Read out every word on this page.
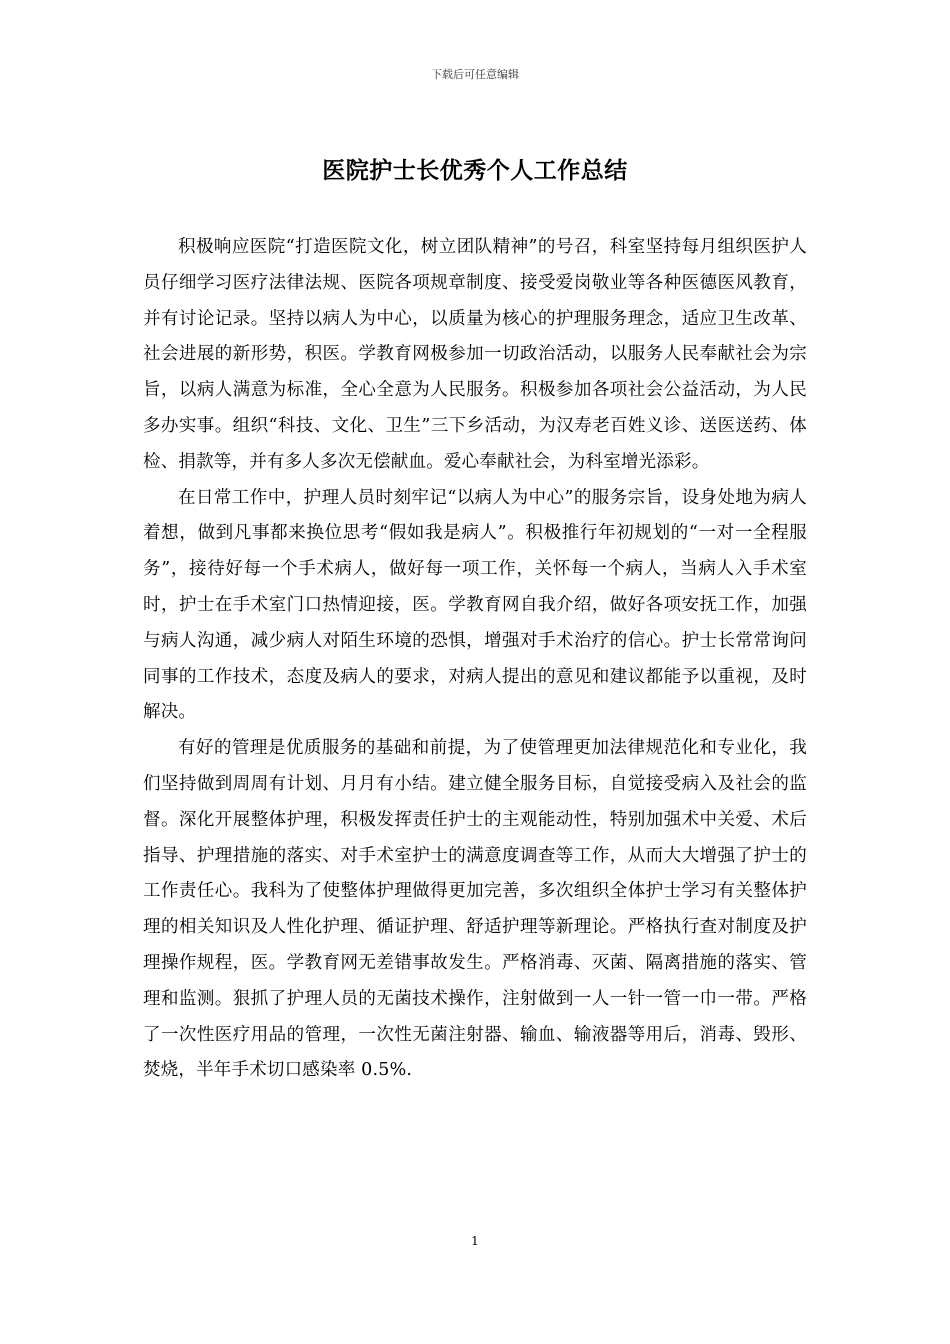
下载后可任意编辑
医院护士长优秀个人工作总结

积极响应医院“打造医院文化，树立团队精神”的号召，科室坚持每月组织医护人员仔细学习医疗法律法规、医院各项规章制度、接受爱岗敬业等各种医德医风教育，并有讨论记录。坚持以病人为中心，以质量为核心的护理服务理念，适应卫生改革、社会进展的新形势，积医。学教育网极参加一切政治活动，以服务人民奉献社会为宗旨，以病人满意为标准，全心全意为人民服务。积极参加各项社会公益活动，为人民多办实事。组织“科技、文化、卫生”三下乡活动，为汉寿老百姓义诊、送医送药、体检、捐款等，并有多人多次无偿献血。爱心奉献社会，为科室增光添彩。

在日常工作中，护理人员时刻牢记“以病人为中心”的服务宗旨，设身处地为病人着想，做到凡事都来换位思考“假如我是病人”。积极推行年初规划的“一对一全程服务”，接待好每一个手术病人，做好每一项工作，关怀每一个病人，当病人入手术室时，护士在手术室门口热情迎接，医。学教育网自我介绍，做好各项安抚工作，加强与病人沟通，减少病人对陌生环境的恐惧，增强对手术治疗的信心。护士长常常询问同事的工作技术，态度及病人的要求，对病人提出的意见和建议都能予以重视，及时解决。

有好的管理是优质服务的基础和前提，为了使管理更加法律规范化和专业化，我们坚持做到周周有计划、月月有小结。建立健全服务目标，自觉接受病入及社会的监督。深化开展整体护理，积极发挥责任护士的主观能动性，特别加强术中关爱、术后指导、护理措施的落实、对手术室护士的满意度调查等工作，从而大大增强了护士的工作责任心。我科为了使整体护理做得更加完善，多次组织全体护士学习有关整体护理的相关知识及人性化护理、循证护理、舒适护理等新理论。严格执行查对制度及护理操作规程，医。学教育网无差错事故发生。严格消毒、灭菌、隔离措施的落实、管理和监测。狠抓了护理人员的无菌技术操作，注射做到一人一针一管一巾一带。严格了一次性医疗用品的管理，一次性无菌注射器、输血、输液器等用后，消毒、毁形、焚烧，半年手术切口感染率 0.5%.

1
